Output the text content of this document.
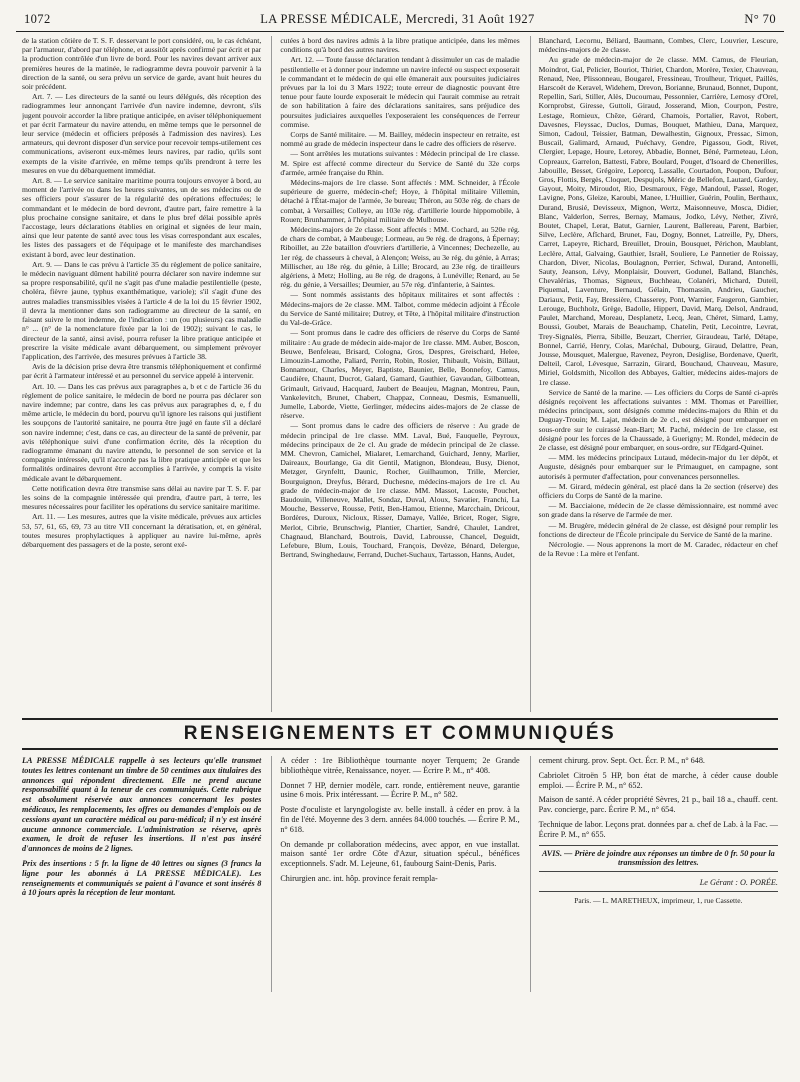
1072	LA PRESSE MÉDICALE, Mercredi, 31 Août 1927	N° 70

de la station côtière de T. S. F. desservant le port considéré, ou, le cas échéant, par l'armateur, d'abord par téléphone, et aussitôt après confirmé par écrit et par la production contrôlée d'un livre de bord. Pour les navires devant arriver aux premières heures de la matinée, le radiogramme devra pouvoir parvenir à la direction de la santé, ou sera prévu un service de garde, avant huit heures du soir précédent.

Art. 7. — Les directeurs de la santé ou leurs délégués, dès réception des radiogrammes leur annonçant l'arrivée d'un navire indemne, devront, s'ils jugent pouvoir accorder la libre pratique anticipée, en aviser téléphoniquement et par écrit l'armateur du navire attendu, en même temps que le personnel de leur service (médecin et officiers préposés à l'admission des navires). Les armateurs, qui devront disposer d'un service pour recevoir temps-utilement ces communications, aviseront eux-mêmes leurs navires, par radio, qu'ils sont exempts de la visite d'arrivée, en même temps qu'ils prendront à terre les mesures en vue du débarquement immédiat.

Art. 8. — Le service sanitaire maritime pourra toujours envoyer à bord, au moment de l'arrivée ou dans les heures suivantes, un de ses médecins ou de ses officiers pour s'assurer de la régularité des opérations effectuées; le commandant et le médecin de bord devront, d'autre part, faire remettre à la plus prochaine consigne sanitaire, et dans le plus bref délai possible après l'accostage, leurs déclarations établies en original et signées de leur main, ainsi que leur patente de santé avec tous les visas correspondant aux escales, les listes des passagers et de l'équipage et le manifeste des marchandises existant à bord, avec leur destination.

Art. 9. — Dans le cas prévu à l'article 35 du règlement de police sanitaire, le médecin naviguant dûment habilité pourra déclarer son navire indemne sur sa propre responsabilité, qu'il ne s'agit pas d'une maladie pestilentielle (peste, choléra, fièvre jaune, typhus exanthématique, variole); s'il s'agit d'une des autres maladies transmissibles visées à l'article 4 de la loi du 15 février 1902, il devra la mentionner dans son radiogramme au directeur de la santé, en faisant suivre le mot indemne, de l'indication : un (ou plusieurs) cas maladie n° ... (n° de la nomenclature fixée par la loi de 1902); suivant le cas, le directeur de la santé, ainsi avisé, pourra refuser la libre pratique anticipée et prescrire la visite médicale avant débarquement, ou simplement prévoyer l'application, des l'arrivée, des mesures prévues à l'article 38.

Avis de la décision prise devra être transmis téléphoniquement et confirmé par écrit à l'armateur intéressé et au personnel du service appelé à intervenir.

Art. 10. — Dans les cas prévus aux paragraphes a, b et c de l'article 36 du règlement de police sanitaire, le médecin de bord ne pourra pas déclarer son navire indemne; par contre, dans les cas prévus aux paragraphes d, e, f du même article, le médecin du bord, pourvu qu'il ignore les raisons qui justifient les soupçons de l'autorité sanitaire, ne pourra être jugé en faute s'il a déclaré son navire indemne; c'est, dans ce cas, au directeur de la santé de prévenir, par avis téléphonique suivi d'une confirmation écrite, dès la réception du radiogramme émanant du navire attendu, le personnel de son service et la compagnie intéressée, qu'il n'accorde pas la libre pratique anticipée et que les formalités ordinaires devront être accomplies à l'arrivée, y compris la visite médicale avant le débarquement.

Cette notification devra être transmise sans délai au navire par T. S. F. par les soins de la compagnie intéressée qui prendra, d'autre part, à terre, les mesures nécessaires pour faciliter les opérations du service sanitaire maritime.

Art. 11. — Les mesures, autres que la visite médicale, prévues aux articles 53, 57, 61, 65, 69, 73 au titre VII concernant la dératisation, et, en général, toutes mesures prophylactiques à appliquer au navire lui-même, après débarquement des passagers et de la poste, seront exé-

cutées à bord des navires admis à la libre pratique anticipée, dans les mêmes conditions qu'à bord des autres navires.

Art. 12. — Toute fausse déclaration tendant à dissimuler un cas de maladie pestilentielle et à donner pour indemne un navire infecté ou suspect exposerait le commandant et le médecin de qui elle émanerait aux poursuites judiciaires prévues par la loi du 3 Mars 1922; toute erreur de diagnostic pouvant être tenue pour faute lourde exposerait le médecin qui l'aurait commise au retrait de son habilitation à faire des déclarations sanitaires, sans préjudice des poursuites judiciaires auxquelles l'exposeraient les conséquences de l'erreur commise.

Corps de Santé militaire. — M. Bailley, médecin inspecteur en retraite, est nommé au grade de médecin inspecteur dans le cadre des officiers de réserve.

— Sont arrêtées les mutations suivantes : Médecin principal de 1re classe. M. Spire est affecté comme directeur du Service de Santé du 32e corps d'armée, armée française du Rhin.

Médecins-majors de 1re classe. Sont affectés : MM. Schneider, à l'École supérieure de guerre, médecin-chef; Hoye, à l'hôpital militaire Villemin, détaché à l'État-major de l'armée, 3e bureau; Théron, au 503e rég. de chars de combat, à Versailles; Colleye, au 103e rég. d'artillerie lourde hippomobile, à Rouen; Brunhammer, à l'hôpital militaire de Mulhouse.

Médecins-majors de 2e classe. Sont affectés : MM. Cochard, au 520e rég. de chars de combat, à Maubeuge; Lormeau, au 9e rég. de dragons, à Épernay; Riboillet, au 22e bataillon d'ouvriers d'artillerie, à Vincennes; Dechezelle, au 1er rég. de chasseurs à cheval, à Alençon; Weiss, au 3e rég. du génie, à Arras; Millischer, au 18e rég. du génie, à Lille; Brocard, au 23e rég. de tirailleurs algériens, à Metz; Holling, au 8e rég. de dragons, à Lunéville; Renard, au 5e rég. du génie, à Versailles; Deumier, au 57e rég. d'infanterie, à Saintes.

— Sont nommés assistants des hôpitaux militaires et sont affectés : Médecins-majors de 2e classe. MM. Talbot, comme médecin adjoint à l'École du Service de Santé militaire; Dutrey, et Tête, à l'hôpital militaire d'instruction du Val-de-Grâce.

— Sont promus dans le cadre des officiers de réserve du Corps de Santé militaire : Au grade de médecin aide-major de 1re classe. MM. Auber, Boscon, Beuwe, Benfeleau, Brisard, Cologna, Gros, Despres, Greischard, Helee, Limouzin-Lamothe, Paliard, Perrin, Robin, Rosier, Thibault, Voisin, Billaut, Bonnamour, Charles, Meyer, Baptiste, Baunier, Belle, Bonnefoy, Camus, Caudière, Chaunt, Ducrot, Galard, Gamard, Gauthier, Gavaudan, Gilbottean, Grimault, Grivaud, Hacquard, Jaubert de Beaujeu, Magnan, Montreu, Paun, Vankelevitch, Brunet, Chabert, Chappaz, Conneau, Desmis, Esmanuelli, Jumelle, Laborde, Viette, Gerlinger, médecins aides-majors de 2e classe de réserve.

— Sont promus dans le cadre des officiers de réserve : Au grade de médecin principal de 1re classe. MM. Laval, Bué, Fauquelle, Peyroux, médecins principaux de 2e cl. Au grade de médecin principal de 2e classe. MM. Chevron, Camichel, Mialaret, Lemarchand, Guichard, Jenny, Marlier, Daireaux, Bourlange, Ga dit Gentil, Matignon, Blondeau, Busy, Dienot, Metzger, Grynfeltt, Daunic, Rocher, Guilhaumon, Trille, Mercier, Bourguignon, Dreyfus, Bérard, Duchesne, médecins-majors de 1re cl. Au grade de médecin-major de 1re classe. MM. Massot, Lacoste, Pouchet, Baudouin, Villeneuve, Mallet, Sondaz, Duval, Aloux, Savatier, Franchi, La Mouche, Besserve, Rousse, Petit, Ben-Hamou, Etienne, Marcchain, Dricout, Bordères, Duroux, Nicloux, Risser, Damaye, Vallée, Bricet, Roger, Sigre, Merlot, Cibrie, Brunschwig, Plantier, Chartier, Sandré, Chaulet, Landret, Chagnaud, Blanchard, Boutrois, David, Labrousse, Chancel, Deguidt, Lefebure, Blum, Louis, Touchard, François, Devèze, Bénard, Delergue, Bertrand, Swinghedauw, Ferrand, Duchet-Suchaux, Tartasson, Hanns, Audet,

Blanchard, Lecornu, Béliard, Baumann, Combes, Clerc, Louvrier, Lescure, médecins-majors de 2e classe.

Au grade de médecin-major de 2e classe. MM. Camus, de Fleurian, Moindrot, Gal, Pelicier, Bouriot, Thiriet, Chardon, Morère, Texier, Chauveau, Renaud, Nee, Plissonneau, Bougarel, Fressineau, Troulheur, Triquet, Paillès, Harscoët de Keravel, Widehem, Drevon, Borianne, Brunaud, Bonnet, Dupont, Repellin, Sari, Stiller, Alès, Ducournau, Pessonnier, Carrière, Lemosy d'Orel, Kornprobst, Giresse, Guttoli, Giraud, Josserand, Mion, Courpon, Pestre, Lestage, Romieux, Chêze, Gérard, Chamois, Portalier, Ravot, Robert, Davesnes, Fleyssac, Duclos, Dumas, Bouquet, Mathieu, Dana, Marquez, Simon, Cadoul, Teissier, Batman, Dewalhestin, Gignoux, Pressac, Simon, Buscail, Galimard, Arnaud, Puéchavy, Gendre, Pigassou, Godt, Rivet, Clergier, Lepage, Houre, Letorey, Abbadie, Bonnet, Béné, Parmeteau, Léon, Copreaux, Garrelon, Battesti, Fabre, Boulard, Pouget, d'Isoard de Chenerilles, Jabouille, Besset, Grégoire, Leporcq, Lassalle, Courtadon, Poupon, Dufour, Gros, Flottis, Bergès, Cloquet, Despujols, Méric de Bellefon, Lautard, Gardey, Gayout, Moity, Miroudot, Rio, Desmaroux, Fège, Mandoul, Passel, Roger, Lavigne, Pons, Gleize, Karoubi, Manee, L'Huillier, Guérin, Poulin, Berthaux, Durand, Brusié, Devisseux, Mignon, Wertz, Maisonneuve, Mosca, Didier, Blanc, Valderlon, Serres, Bernay, Mamaus, Jodko, Lévy, Nether, Zivré, Boutet, Chapel, Lerat, Batut, Garnier, Laurent, Ballereau, Parent, Barbier, Silve, Leclère, Afîchard, Brunet, Fau, Dogny, Bonnet, Latreille, Py, Dhers, Carret, Lapeyre, Richard, Breuillet, Drouin, Bousquet, Périchon, Maublant, Leclère, Attal, Galvaing, Gauthier, Israël, Souliere, Le Pannetier de Roissay, Chardon, Diver, Nicolas, Boulagnon, Perrier, Schwal, Durand, Antonelli, Sauty, Jeanson, Lévy, Monplaisir, Douvert, Godunel, Balland, Blanchès, Chevalérias, Thomas, Signeux, Buchheau, Colanéri, Michard, Duteil, Piquemal, Laventure, Bernaud, Gélain, Thomassin, Andrieu, Gaucher, Dariaux, Petit, Fay, Bressière, Chasserey, Pont, Warnier, Faugeron, Gambier, Lerouge, Buchholz, Grège, Badolle, Hippert, David, Marq, Delsol, Andraud, Paulet, Marchand, Moreau, Desplanetz, Lecq, Jean, Chéret, Simard, Lamy, Boussi, Goubet, Marais de Beauchamp, Chatelin, Petit, Lecointre, Levrat, Trey-Signalès, Pierra, Sibille, Beuzart, Cherrier, Giraudeau, Tarlé, Détape, Bonnel, Carrié, Henry, Colas, Maréchal, Dubourg, Giraud, Delattre, Pean, Jousse, Mousquet, Malergue, Ravenez, Peyron, Desiglise, Bordenave, Querlt, Delteil, Carol, Lévesque, Sarrazin, Girard, Bouchaud, Chauveau, Masure, Miriel, Goldsmith, Nicollon des Abbayes, Galtier, médecins aides-majors de 1re classe.

Service de Santé de la marine. — Les officiers du Corps de Santé ci-après désignés reçoivent les affectations suivantes : MM. Thomas et Pareillier, médecins principaux, sont désignés comme médecins-majors du Rhin et du Duguay-Trouin; M. Lajat, médecin de 2e cl., est désigné pour embarquer en sous-ordre sur le cuirassé Jean-Bart; M. Paché, médecin de 1re classe, est désigné pour les forces de la Chaussade, à Guerigny; M. Rondel, médecin de 2e classe, est désigné pour embarquer, en sous-ordre, sur l'Edgard-Quinet.

— MM. les médecins principaux Lutaud, médecin-major du 1er dépôt, et Auguste, désignés pour embarquer sur le Primauguet, en campagne, sont autorisés à permuter d'affectation, pour convenances personnelles.

— M. Girard, médecin général, est placé dans la 2e section (réserve) des officiers du Corps de Santé de la marine.

— M. Bacciaione, médecin de 2e classe démissionnaire, est nommé avec son grade dans la réserve de l'armée de mer.

— M. Brugère, médecin général de 2e classe, est désigné pour remplir les fonctions de directeur de l'École principale du Service de Santé de la marine.

Nécrologie. — Nous apprenons la mort de M. Caradec, rédacteur en chef de la Revue : La mère et l'enfant.

RENSEIGNEMENTS ET COMMUNIQUÉS

LA PRESSE MÉDICALE rappelle à ses lecteurs qu'elle transmet toutes les lettres contenant un timbre de 50 centimes aux titulaires des annonces qui répondent directement. Elle ne prend aucune responsabilité quant à la teneur de ces communiqués. Cette rubrique est absolument réservée aux annonces concernant les postes médicaux, les remplacements, les offres ou demandes d'emplois ou de cessions ayant un caractère médical ou para-médical; il n'y est inséré aucune annonce commerciale. L'administration se réserve, après examen, le droit de refuser les insertions. Il n'est pas inséré d'annonces de moins de 2 lignes.

Prix des insertions : 5 fr. la ligne de 40 lettres ou signes (3 francs la ligne pour les abonnés à LA PRESSE MÉDICALE). Les renseignements et communiqués se paient à l'avance et sont insérés 8 à 10 jours après la réception de leur montant.

A céder : 1re Bibliothèque tournante noyer Terquem; 2e Grande bibliothèque vitrée, Renaissance, noyer. — Écrire P. M., n° 408.

Donnet 7 HP, dernier modèle, carr. ronde, entièrement neuve, garantie usine 6 mois. Prix intéressant. — Écrire P. M., n° 582.

Poste d'oculiste et laryngologiste av. belle install. à céder en prov. à la fin de l'été. Moyenne des 3 dern. années 84.000 touchés. — Écrire P. M., n° 618.

On demande pr collaboration médecins, avec appor, en vue installat. maison santé 1er ordre Côte d'Azur, situation spécul., bénéfices exceptionnels. S'adr. M. Lejeune, 61, faubourg Saint-Denis, Paris.

Chirurgien anc. int. hôp. province ferait rempla-

cement chirurg. prov. Sept. Oct. Écr. P. M., n° 648.

Cabriolet Citroën 5 HP, bon état de marche, à céder cause double emploi. — Écrire P. M., n° 652.

Maison de santé. A céder propriété Sèvres, 21 p., bail 18 a., chauff. cent. Pav. concierge, parc. Écrire P. M., n° 654.

Technique de labor. Leçons prat. données par a. chef de Lab. à la Fac. — Écrire P. M., n° 655.

AVIS. — Prière de joindre aux réponses un timbre de 0 fr. 50 pour la transmission des lettres.
Le Gérant : O. PORÉE.
Paris. — L. MARETHEUX, imprimeur, 1, rue Cassette.
